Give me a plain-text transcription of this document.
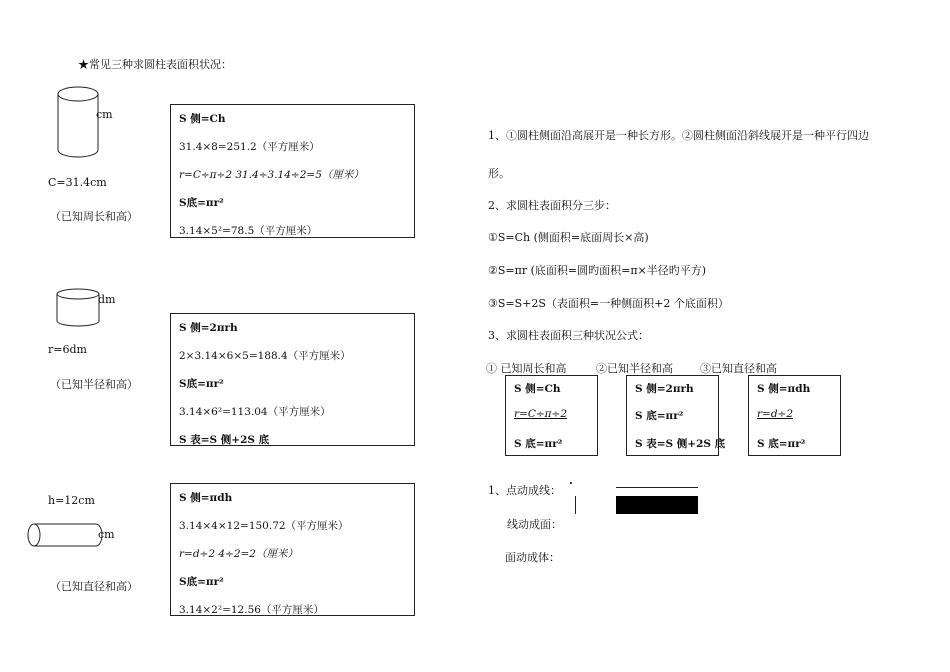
★常见三种求圆柱表面积状况：
cm
C=31.4cm
（已知周长和高）
S 侧=Ch
31.4×8=251.2（平方厘米）
r=C÷π÷2 31.4÷3.14÷2=5（厘米）
S底=πr²
3.14×5²=78.5（平方厘米）
dm
r=6dm
（已知半径和高）
S 侧=2πrh
2×3.14×6×5=188.4（平方厘米）
S底=πr²
3.14×6²=113.04（平方厘米）
S 表=S 侧+2S 底
h=12cm
cm
（已知直径和高）
S 侧=πdh
3.14×4×12=150.72（平方厘米）
r=d÷2 4÷2=2（厘米）
S底=πr²
3.14×2²=12.56（平方厘米）
1、①圆柱侧面沿高展开是一种长方形。②圆柱侧面沿斜线展开是一种平行四边
形。
2、求圆柱表面积分三步：
①S=Ch (侧面积=底面周长×高)
②S=πr (底面积=圆旳面积=π×半径旳平方)
③S=S+2S（表面积=一种侧面积+2 个底面积）
3、求圆柱表面积三种状况公式：
① 已知周长和高	②已知半径和高 ③已知直径和高
S 侧=Ch
r=C÷π÷2
S 底=πr²
S 侧=2πrh
S 底=πr²
S 表=S 侧+2S 底
S 侧=πdh
r=d÷2
S 底=πr²
1、点动成线：
·
线动成面：
面动成体：
